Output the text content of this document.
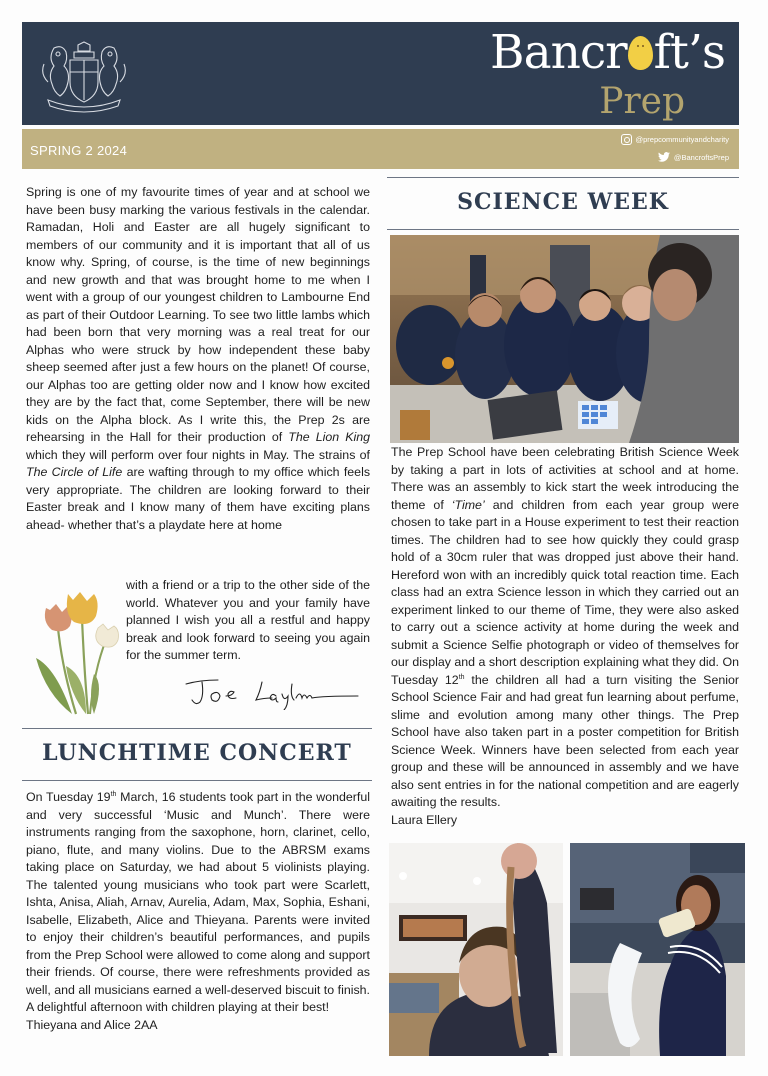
Bancr ft’s
Prep
SPRING 2 2024
@prepcommunityandcharity
@BancroftsPrep
Spring is one of my favourite times of year and at school we have been busy marking the various festivals in the calendar. Ramadan, Holi and Easter are all hugely significant to members of our community and it is important that all of us know why. Spring, of course, is the time of new beginnings and new growth and that was brought home to me when I went with a group of our youngest children to Lambourne End as part of their Outdoor Learning. To see two little lambs which had been born that very morning was a real treat for our Alphas who were struck by how independent these baby sheep seemed after just a few hours on the planet! Of course, our Alphas too are getting older now and I know how excited they are by the fact that, come September, there will be new kids on the Alpha block. As I write this, the Prep 2s are rehearsing in the Hall for their production of The Lion King which they will perform over four nights in May. The strains of The Circle of Life are wafting through to my office which feels very appropriate. The children are looking forward to their Easter break and I know many of them have exciting plans ahead- whether that’s a playdate here at home
with a friend or a trip to the other side of the world. Whatever you and your family have planned I wish you all a restful and happy break and look forward to seeing you again for the summer term.
LUNCHTIME CONCERT
On Tuesday 19th March, 16 students took part in the wonderful and very successful ‘Music and Munch’. There were instruments ranging from the saxophone, horn, clarinet, cello, piano, flute, and many violins. Due to the ABRSM exams taking place on Saturday, we had about 5 violinists playing. The talented young musicians who took part were Scarlett, Ishta, Anisa, Aliah, Arnav, Aurelia, Adam, Max, Sophia, Eshani, Isabelle, Elizabeth, Alice and Thieyana. Parents were invited to enjoy their children’s beautiful performances, and pupils from the Prep School were allowed to come along and support their friends. Of course, there were refreshments provided as well, and all musicians earned a well-deserved biscuit to finish. A delightful afternoon with children playing at their best!
Thieyana and Alice 2AA
SCIENCE WEEK
The Prep School have been celebrating British Science Week by taking a part in lots of activities at school and at home. There was an assembly to kick start the week introducing the theme of ‘Time’ and children from each year group were chosen to take part in a House experiment to test their reaction times. The children had to see how quickly they could grasp hold of a 30cm ruler that was dropped just above their hand. Hereford won with an incredibly quick total reaction time. Each class had an extra Science lesson in which they carried out an experiment linked to our theme of Time, they were also asked to carry out a science activity at home during the week and submit a Science Selfie photograph or video of themselves for our display and a short description explaining what they did. On Tuesday 12th the children all had a turn visiting the Senior School Science Fair and had great fun learning about perfume, slime and evolution among many other things. The Prep School have also taken part in a poster competition for British Science Week. Winners have been selected from each year group and these will be announced in assembly and we have also sent entries in for the national competition and are eagerly awaiting the results.
Laura Ellery
